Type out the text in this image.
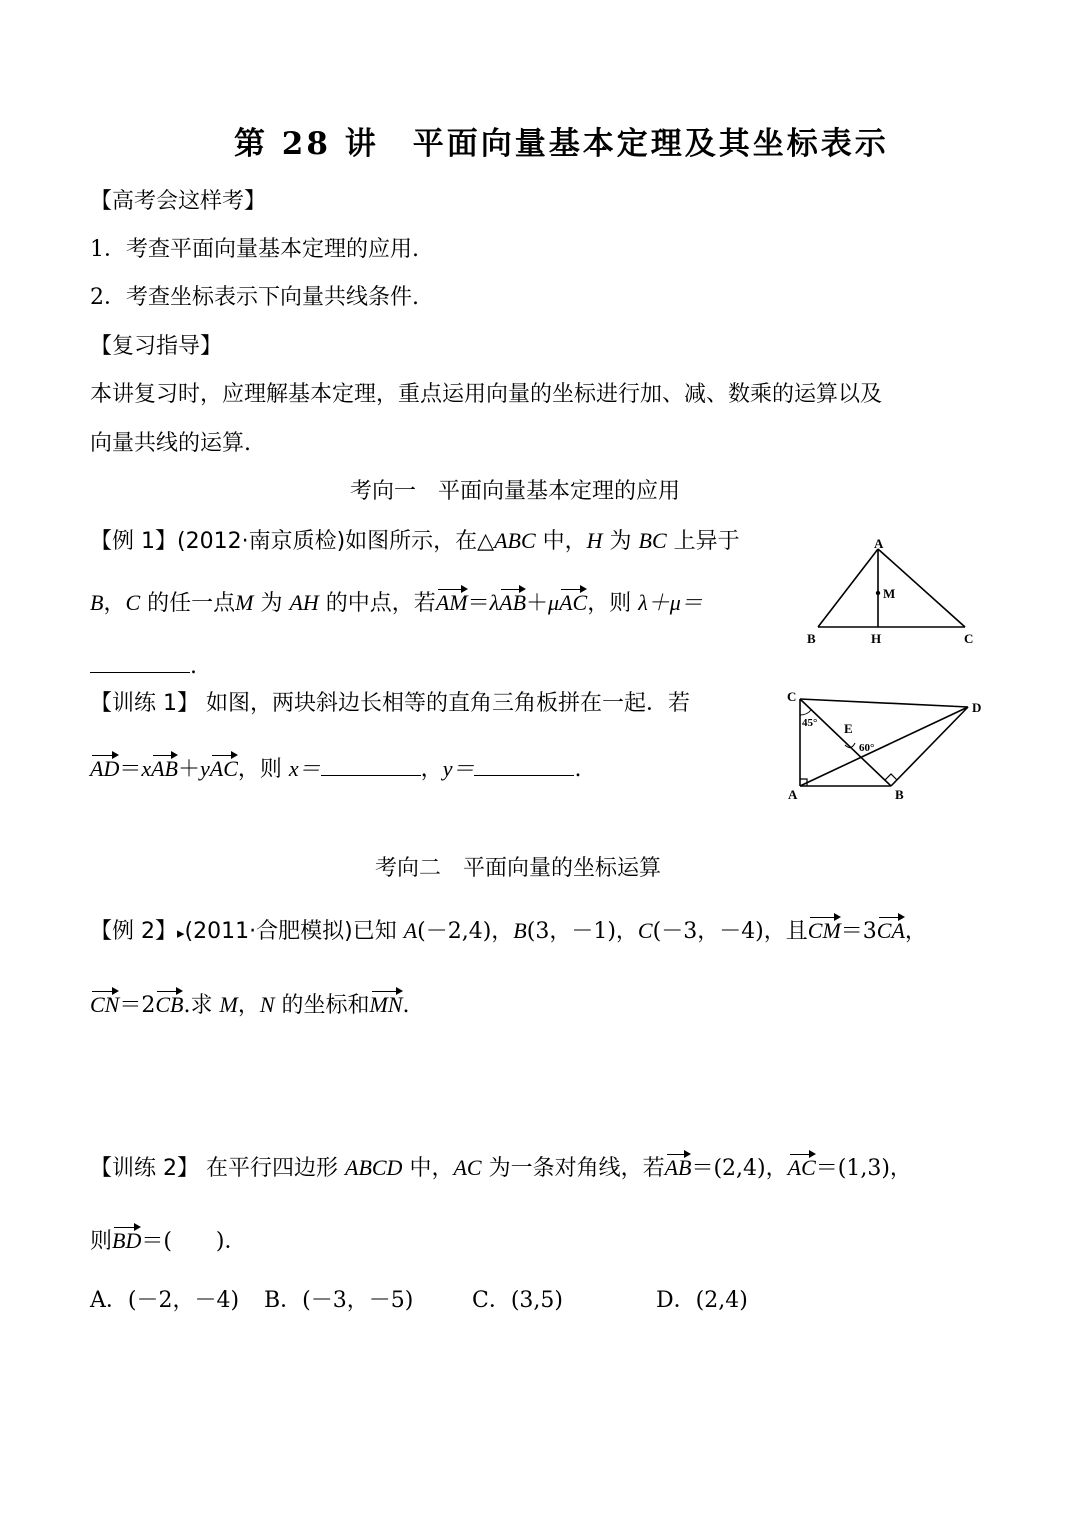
第 28 讲　平面向量基本定理及其坐标表示
【高考会这样考】
1．考查平面向量基本定理的应用.
2．考查坐标表示下向量共线条件.
【复习指导】
本讲复习时，应理解基本定理，重点运用向量的坐标进行加、减、数乘的运算以及
向量共线的运算.
考向一　平面向量基本定理的应用
【例 1】(2012·南京质检)如图所示，在△ABC 中，H 为 BC 上异于
B，C 的任一点M 为 AH 的中点，若AM＝λAB＋μAC，则 λ＋μ＝
.
A
M
B	H	C
【训练 1】 如图，两块斜边长相等的直角三角板拼在一起．若
AD＝xAB＋yAC，则 x＝	，y＝	.
C
D
E
A	B
45°
60°
考向二　平面向量的坐标运算
【例 2】▸(2011·合肥模拟)已知 A(－2,4)，B(3，－1)，C(－3，－4)，且CM＝3CA，
CN＝2CB.求 M，N 的坐标和MN.
【训练 2】 在平行四边形 ABCD 中，AC 为一条对角线，若AB＝(2,4)，AC＝(1,3)，
则BD＝(　　)．
A．(－2，－4) B．(－3，－5)	C．(3,5)	D．(2,4)
